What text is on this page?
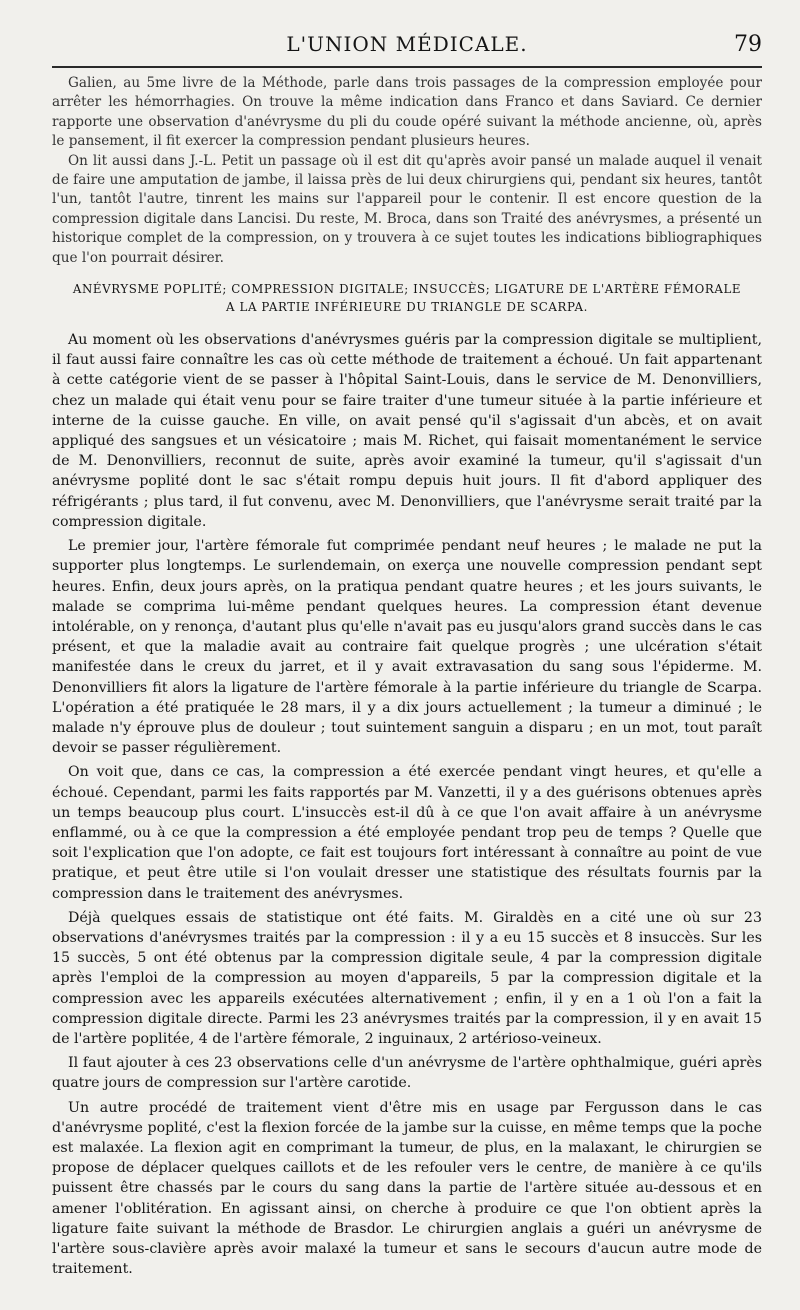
L'UNION MÉDICALE.	79

Galien, au 5me livre de la Méthode, parle dans trois passages de la compression employée pour arrêter les hémorrhagies. On trouve la même indication dans Franco et dans Saviard. Ce dernier rapporte une observation d'anévrysme du pli du coude opéré suivant la méthode ancienne, où, après le pansement, il fit exercer la compression pendant plusieurs heures.

On lit aussi dans J.-L. Petit un passage où il est dit qu'après avoir pansé un malade auquel il venait de faire une amputation de jambe, il laissa près de lui deux chirurgiens qui, pendant six heures, tantôt l'un, tantôt l'autre, tinrent les mains sur l'appareil pour le contenir. Il est encore question de la compression digitale dans Lancisi. Du reste, M. Broca, dans son Traité des anévrysmes, a présenté un historique complet de la compression, on y trouvera à ce sujet toutes les indications bibliographiques que l'on pourrait désirer.

ANÉVRYSME POPLITÉ; COMPRESSION DIGITALE; INSUCCÈS; LIGATURE DE L'ARTÈRE FÉMORALE
A LA PARTIE INFÉRIEURE DU TRIANGLE DE SCARPA.

Au moment où les observations d'anévrysmes guéris par la compression digitale se multiplient, il faut aussi faire connaître les cas où cette méthode de traitement a échoué. Un fait appartenant à cette catégorie vient de se passer à l'hôpital Saint-Louis, dans le service de M. Denonvilliers, chez un malade qui était venu pour se faire traiter d'une tumeur située à la partie inférieure et interne de la cuisse gauche. En ville, on avait pensé qu'il s'agissait d'un abcès, et on avait appliqué des sangsues et un vésicatoire ; mais M. Richet, qui faisait momentanément le service de M. Denonvilliers, reconnut de suite, après avoir examiné la tumeur, qu'il s'agissait d'un anévrysme poplité dont le sac s'était rompu depuis huit jours. Il fit d'abord appliquer des réfrigérants ; plus tard, il fut convenu, avec M. Denonvilliers, que l'anévrysme serait traité par la compression digitale.

Le premier jour, l'artère fémorale fut comprimée pendant neuf heures ; le malade ne put la supporter plus longtemps. Le surlendemain, on exerça une nouvelle compression pendant sept heures. Enfin, deux jours après, on la pratiqua pendant quatre heures ; et les jours suivants, le malade se comprima lui-même pendant quelques heures. La compression étant devenue intolérable, on y renonça, d'autant plus qu'elle n'avait pas eu jusqu'alors grand succès dans le cas présent, et que la maladie avait au contraire fait quelque progrès ; une ulcération s'était manifestée dans le creux du jarret, et il y avait extravasation du sang sous l'épiderme. M. Denonvilliers fit alors la ligature de l'artère fémorale à la partie inférieure du triangle de Scarpa. L'opération a été pratiquée le 28 mars, il y a dix jours actuellement ; la tumeur a diminué ; le malade n'y éprouve plus de douleur ; tout suintement sanguin a disparu ; en un mot, tout paraît devoir se passer régulièrement.

On voit que, dans ce cas, la compression a été exercée pendant vingt heures, et qu'elle a échoué. Cependant, parmi les faits rapportés par M. Vanzetti, il y a des guérisons obtenues après un temps beaucoup plus court. L'insuccès est-il dû à ce que l'on avait affaire à un anévrysme enflammé, ou à ce que la compression a été employée pendant trop peu de temps ? Quelle que soit l'explication que l'on adopte, ce fait est toujours fort intéressant à connaître au point de vue pratique, et peut être utile si l'on voulait dresser une statistique des résultats fournis par la compression dans le traitement des anévrysmes.

Déjà quelques essais de statistique ont été faits. M. Giraldès en a cité une où sur 23 observations d'anévrysmes traités par la compression : il y a eu 15 succès et 8 insuccès. Sur les 15 succès, 5 ont été obtenus par la compression digitale seule, 4 par la compression digitale après l'emploi de la compression au moyen d'appareils, 5 par la compression digitale et la compression avec les appareils exécutées alternativement ; enfin, il y en a 1 où l'on a fait la compression digitale directe. Parmi les 23 anévrysmes traités par la compression, il y en avait 15 de l'artère poplitée, 4 de l'artère fémorale, 2 inguinaux, 2 artérioso-veineux.

Il faut ajouter à ces 23 observations celle d'un anévrysme de l'artère ophthalmique, guéri après quatre jours de compression sur l'artère carotide.

Un autre procédé de traitement vient d'être mis en usage par Fergusson dans le cas d'anévrysme poplité, c'est la flexion forcée de la jambe sur la cuisse, en même temps que la poche est malaxée. La flexion agit en comprimant la tumeur, de plus, en la malaxant, le chirurgien se propose de déplacer quelques caillots et de les refouler vers le centre, de manière à ce qu'ils puissent être chassés par le cours du sang dans la partie de l'artère située au-dessous et en amener l'oblitération. En agissant ainsi, on cherche à produire ce que l'on obtient après la ligature faite suivant la méthode de Brasdor. Le chirurgien anglais a guéri un anévrysme de l'artère sous-clavière après avoir malaxé la tumeur et sans le secours d'aucun autre mode de traitement.
